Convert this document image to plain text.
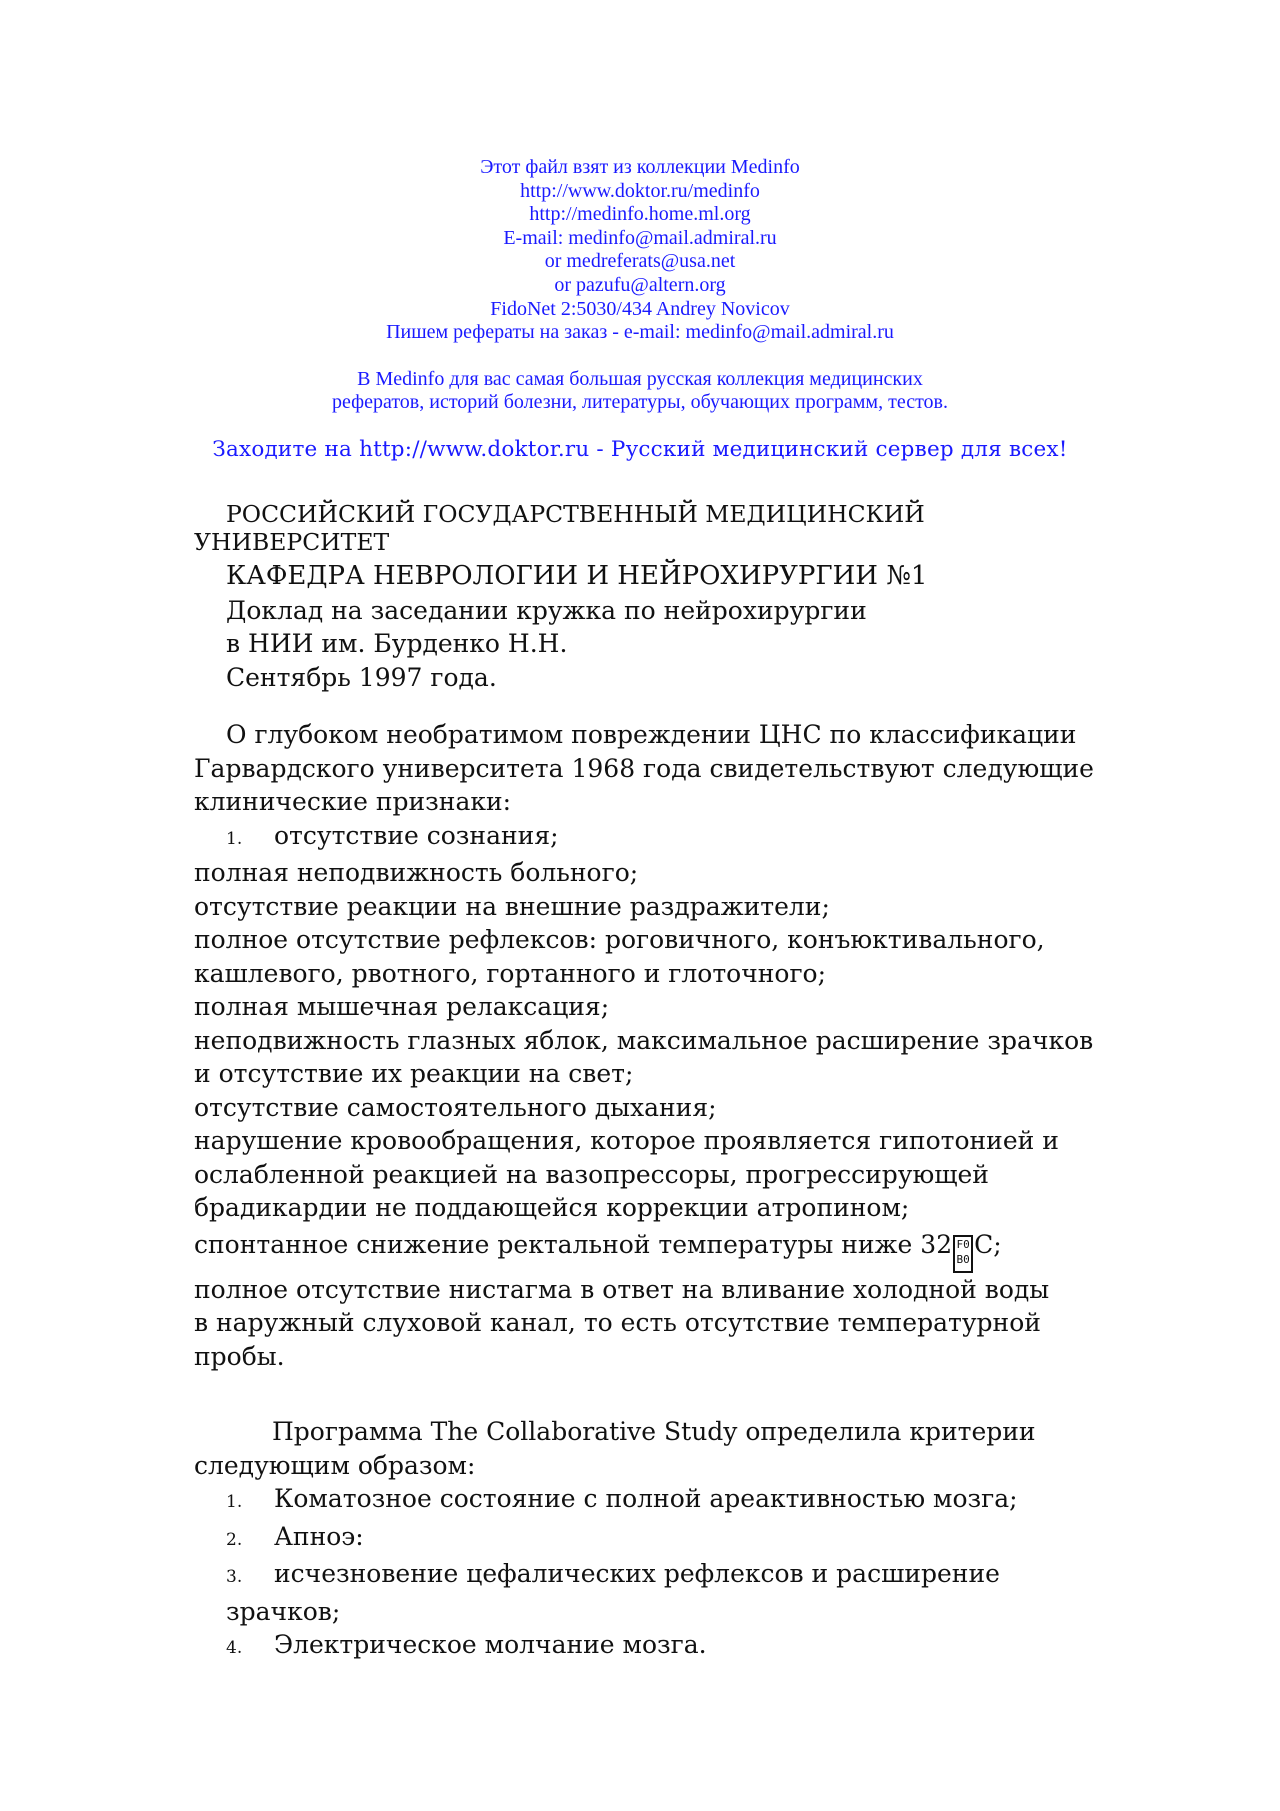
Этот файл взят из коллекции Medinfo
http://www.doktor.ru/medinfo
http://medinfo.home.ml.org
E-mail: medinfo@mail.admiral.ru
or medreferats@usa.net
or pazufu@altern.org
FidoNet 2:5030/434 Andrey Novicov
Пишем рефераты на заказ - e-mail: medinfo@mail.admiral.ru
В Medinfo для вас самая большая русская коллекция медицинских
рефератов, историй болезни, литературы, обучающих программ, тестов.
Заходите на http://www.doktor.ru - Русский медицинский сервер для всех!
РОССИЙСКИЙ ГОСУДАРСТВЕННЫЙ МЕДИЦИНСКИЙ
УНИВЕРСИТЕТ
КАФЕДРА НЕВРОЛОГИИ И НЕЙРОХИРУРГИИ №1
Доклад на заседании кружка по нейрохирургии
в НИИ им. Бурденко Н.Н.
Сентябрь 1997 года.
О глубоком необратимом повреждении ЦНС по классификации
Гарвардского университета 1968 года свидетельствуют следующие
клинические признаки:
1. отсутствие сознания;
полная неподвижность больного;
отсутствие реакции на внешние раздражители;
полное отсутствие рефлексов: роговичного, конъюктивального,
кашлевого, рвотного, гортанного и глоточного;
полная мышечная релаксация;
неподвижность глазных яблок, максимальное расширение зрачков
и отсутствие их реакции на свет;
отсутствие самостоятельного дыхания;
нарушение кровообращения, которое проявляется гипотонией и
ослабленной реакцией на вазопрессоры, прогрессирующей
брадикардии не поддающейся коррекции атропином;
спонтанное снижение ректальной температуры ниже 32 F0
B0
C;
полное отсутствие нистагма в ответ на вливание холодной воды
в наружный слуховой канал, то есть отсутствие температурной
пробы.
Программа The Collaborative Study определила критерии
следующим образом:
1. Коматозное состояние с полной ареактивностью мозга;
2. Апноэ:
3. исчезновение цефалических рефлексов и расширение
зрачков;
4. Электрическое молчание мозга.
